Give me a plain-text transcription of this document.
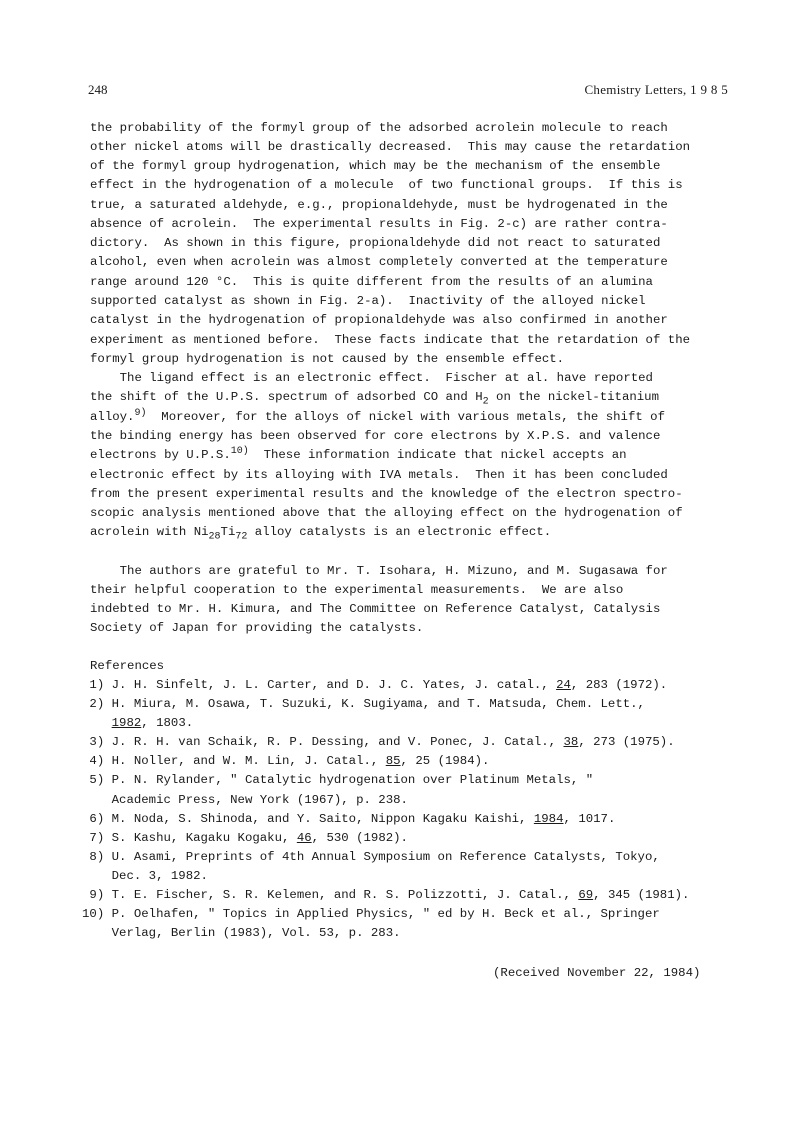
248	Chemistry Letters, 1 9 8 5
the probability of the formyl group of the adsorbed acrolein molecule to reach
other nickel atoms will be drastically decreased.  This may cause the retardation
of the formyl group hydrogenation, which may be the mechanism of the ensemble
effect in the hydrogenation of a molecule  of two functional groups.  If this is
true, a saturated aldehyde, e.g., propionaldehyde, must be hydrogenated in the
absence of acrolein.  The experimental results in Fig. 2-c) are rather contra-
dictory.  As shown in this figure, propionaldehyde did not react to saturated
alcohol, even when acrolein was almost completely converted at the temperature
range around 120 °C.  This is quite different from the results of an alumina
supported catalyst as shown in Fig. 2-a).  Inactivity of the alloyed nickel
catalyst in the hydrogenation of propionaldehyde was also confirmed in another
experiment as mentioned before.  These facts indicate that the retardation of the
formyl group hydrogenation is not caused by the ensemble effect.
The ligand effect is an electronic effect.  Fischer at al. have reported
the shift of the U.P.S. spectrum of adsorbed CO and $H_2$ on the nickel-titanium
alloy.$^{9)}$  Moreover, for the alloys of nickel with various metals, the shift of
the binding energy has been observed for core electrons by X.P.S. and valence
electrons by U.P.S.$^{10)}$  These information indicate that nickel accepts an
electronic effect by its alloying with IVA metals.  Then it has been concluded
from the present experimental results and the knowledge of the electron spectro-
scopic analysis mentioned above that the alloying effect on the hydrogenation of
acrolein with $Ni_{28}Ti_{72}$ alloy catalysts is an electronic effect.
The authors are grateful to Mr. T. Isohara, H. Mizuno, and M. Sugasawa for
their helpful cooperation to the experimental measurements.  We are also
indebted to Mr. H. Kimura, and The Committee on Reference Catalyst, Catalysis
Society of Japan for providing the catalysts.
References
1) J. H. Sinfelt, J. L. Carter, and D. J. C. Yates, J. catal., 24, 283 (1972).
2) H. Miura, M. Osawa, T. Suzuki, K. Sugiyama, and T. Matsuda, Chem. Lett.,
1982, 1803.
3) J. R. H. van Schaik, R. P. Dessing, and V. Ponec, J. Catal., 38, 273 (1975).
4) H. Noller, and W. M. Lin, J. Catal., 85, 25 (1984).
5) P. N. Rylander, " Catalytic hydrogenation over Platinum Metals, "
Academic Press, New York (1967), p. 238.
6) M. Noda, S. Shinoda, and Y. Saito, Nippon Kagaku Kaishi, 1984, 1017.
7) S. Kashu, Kagaku Kogaku, 46, 530 (1982).
8) U. Asami, Preprints of 4th Annual Symposium on Reference Catalysts, Tokyo,
Dec. 3, 1982.
9) T. E. Fischer, S. R. Kelemen, and R. S. Polizzotti, J. Catal., 69, 345 (1981).
10) P. Oelhafen, " Topics in Applied Physics, " ed by H. Beck et al., Springer
Verlag, Berlin (1983), Vol. 53, p. 283.
(Received November 22, 1984)
